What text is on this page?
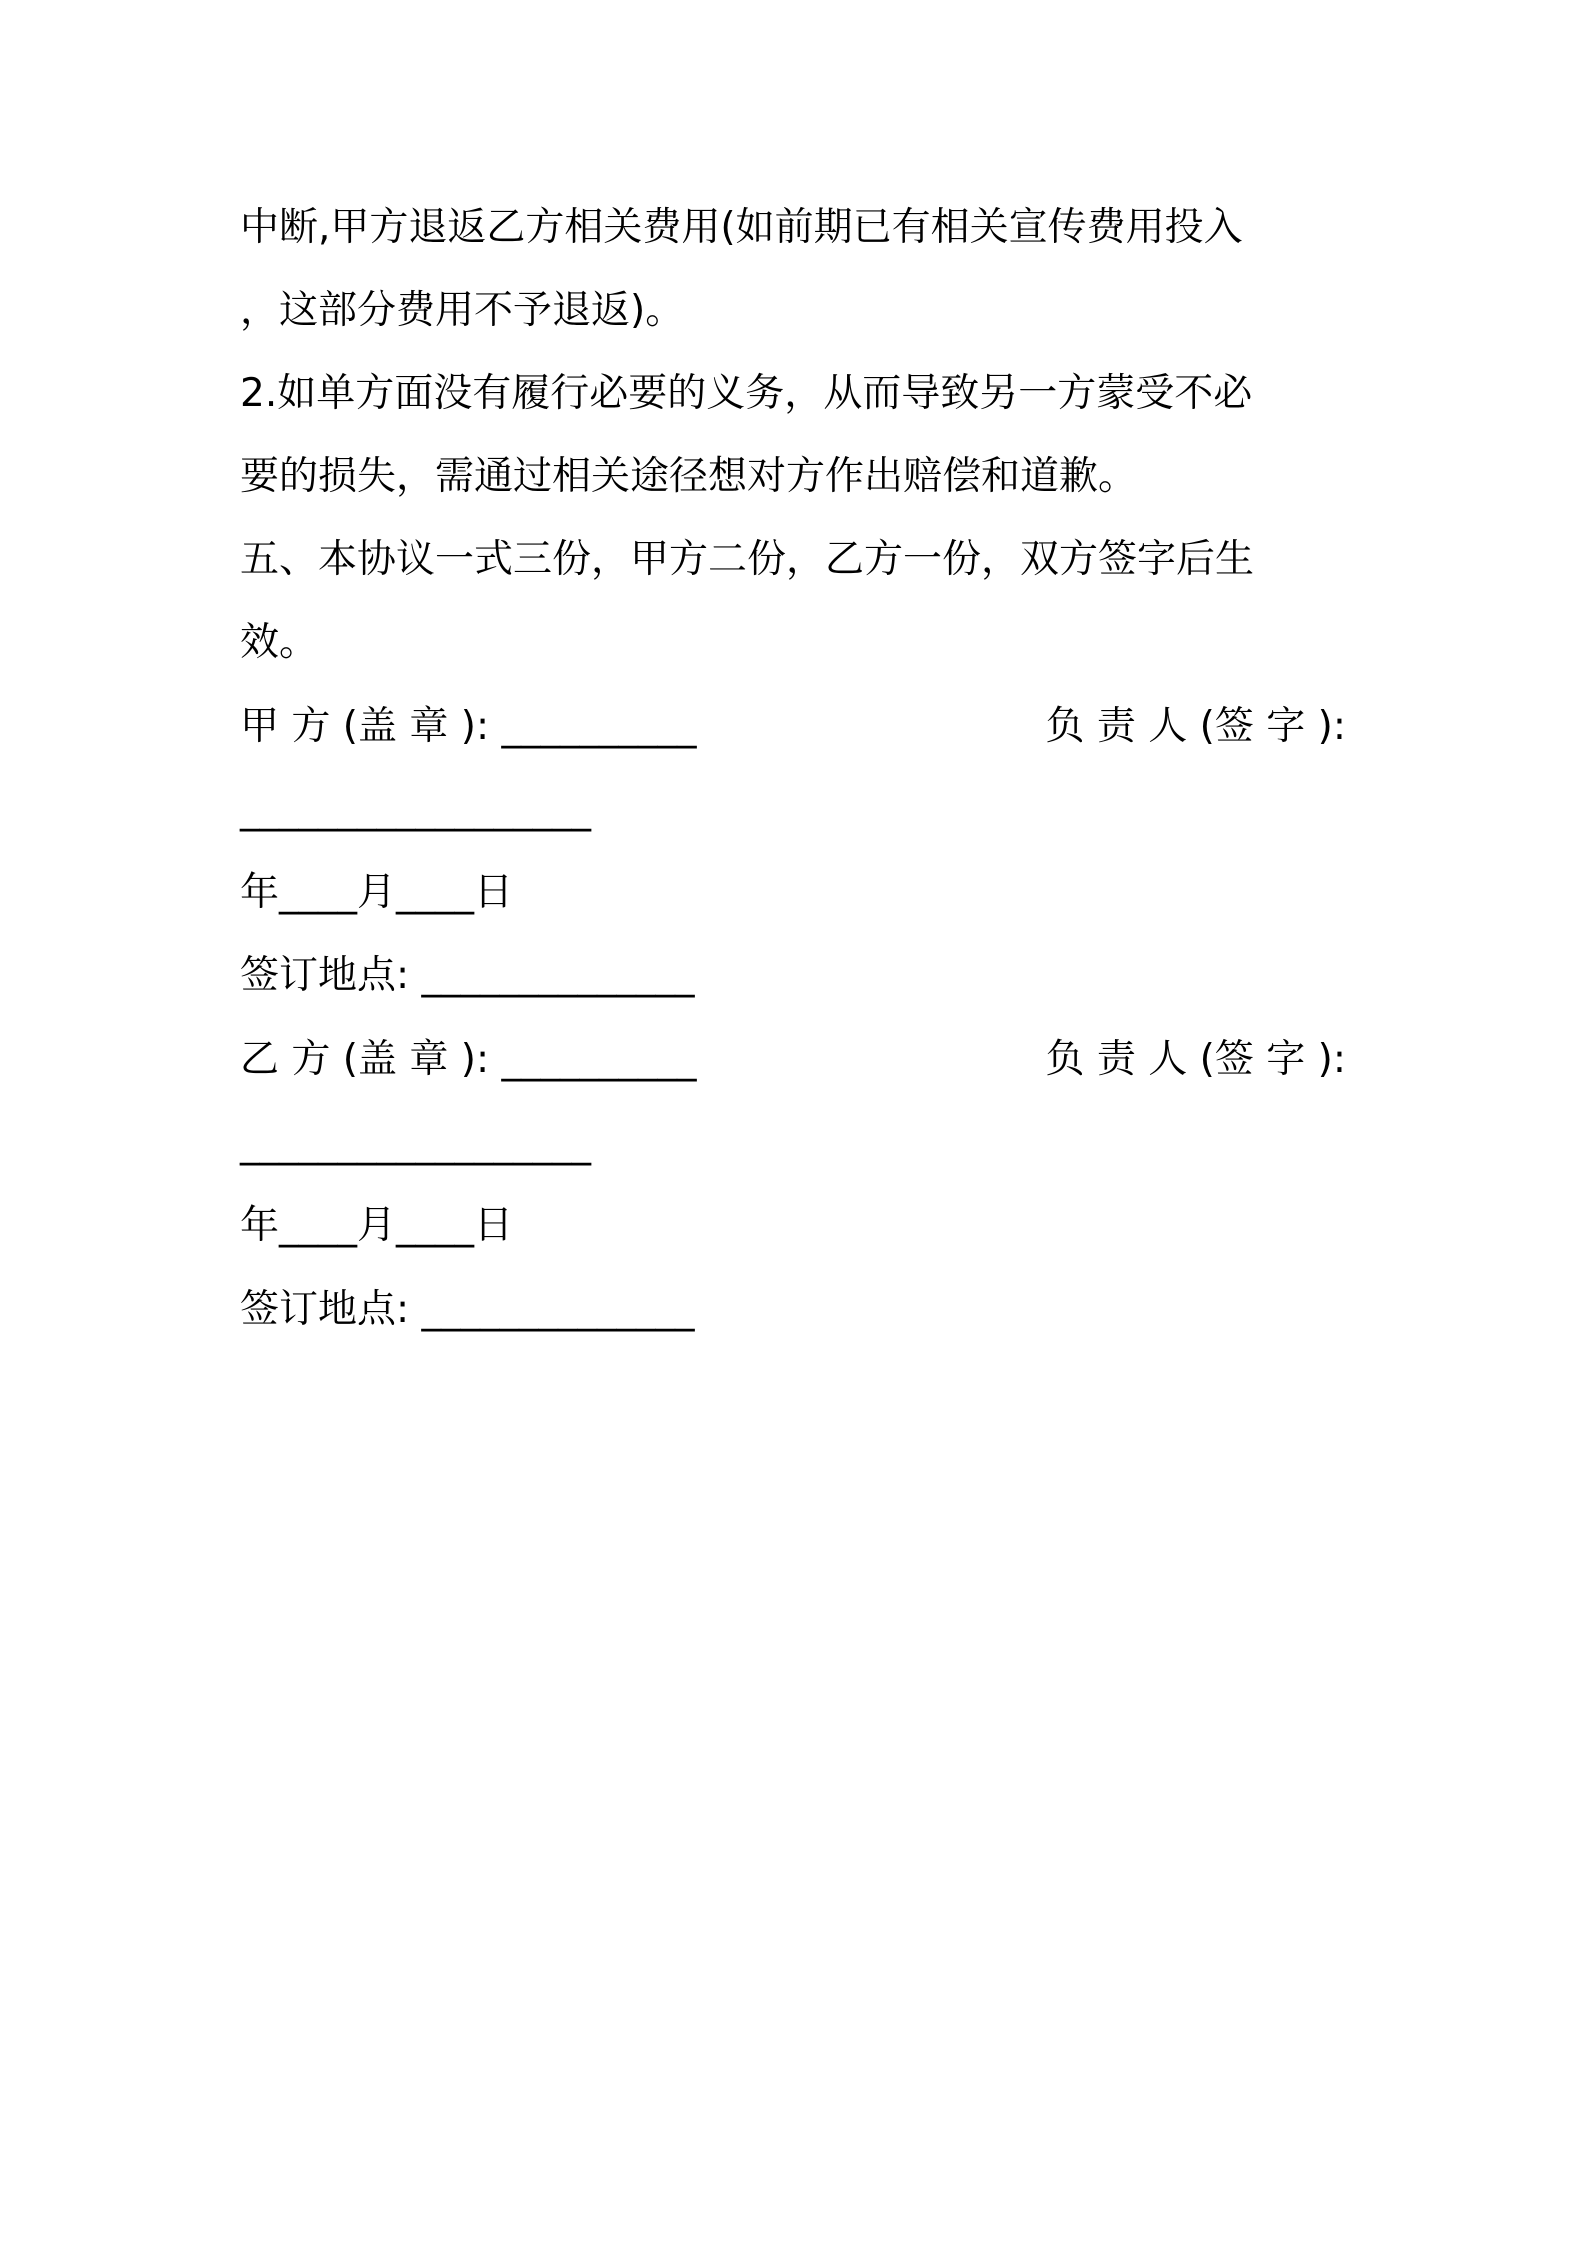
中断,甲方退返乙方相关费用(如前期已有相关宣传费用投入
，这部分费用不予退返)。
2.如单方面没有履行必要的义务，从而导致另一方蒙受不必
要的损失，需通过相关途径想对方作出赔偿和道歉。
五、本协议一式三份，甲方二份，乙方一份，双方签字后生
效。
甲 方 (盖 章 ): __________	负 责 人 (签 字 ):
__________________
年____月____日
签订地点: ______________
乙 方 (盖 章 ): __________	负 责 人 (签 字 ):
__________________
年____月____日
签订地点: ______________
